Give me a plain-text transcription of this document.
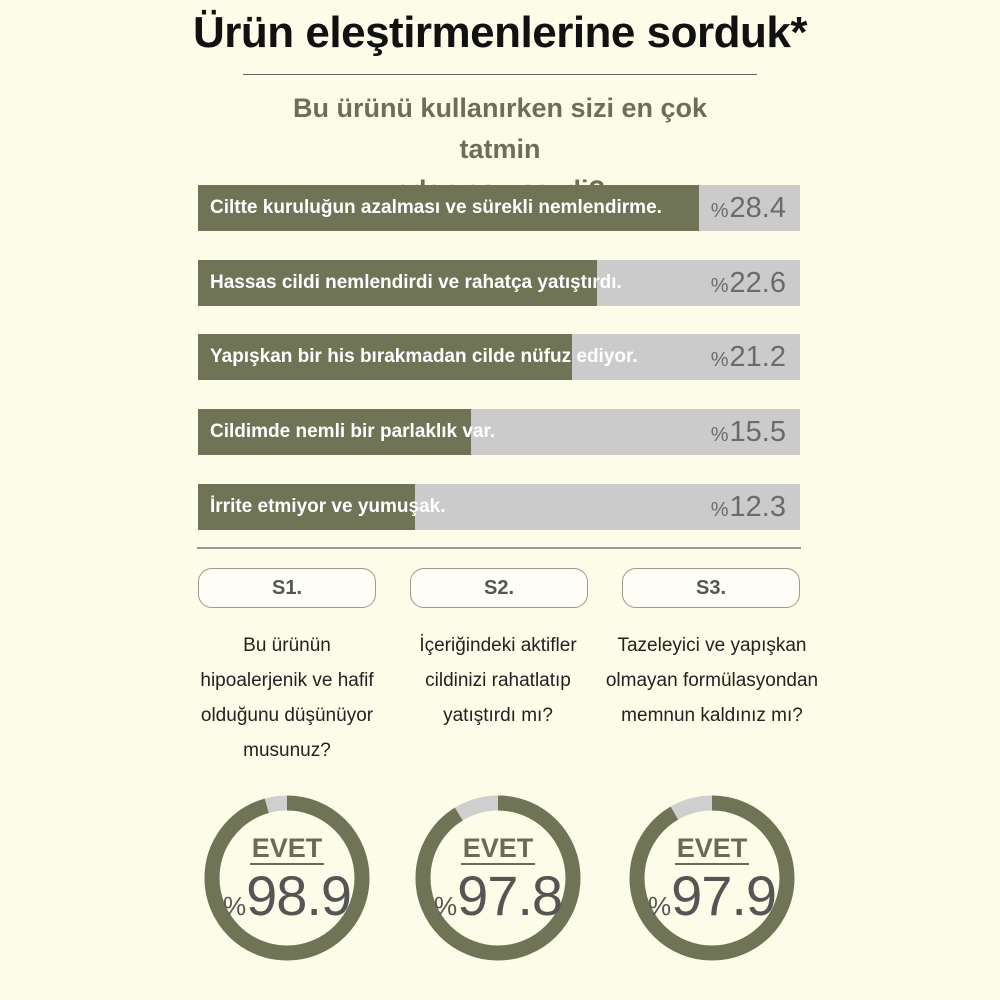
Ürün eleştirmenlerine sorduk*
Bu ürünü kullanırken sizi en çok tatmin
Ciltte kuruluğun azalması ve sürekli nemlendirme. %28.4
Hassas cildi nemlendirdi ve rahatça yatıştırdı.	%22.6
Yapışkan bir his bırakmadan cilde nüfuz ediyor.	%21.2
Cildimde nemli bir parlaklık var.	%15.5
İrrite etmiyor ve yumuşak.	%12.3
S1.
Bu ürünün
hipoalerjenik ve hafif
olduğunu düşünüyor
musunuz?
EVET
%98.9
S2.
İçeriğindeki aktifler
cildinizi rahatlatıp
yatıştırdı mı?
EVET
%97.8
S3.
Tazeleyici ve yapışkan
olmayan formülasyondan
memnun kaldınız mı?
EVET
%97.9
